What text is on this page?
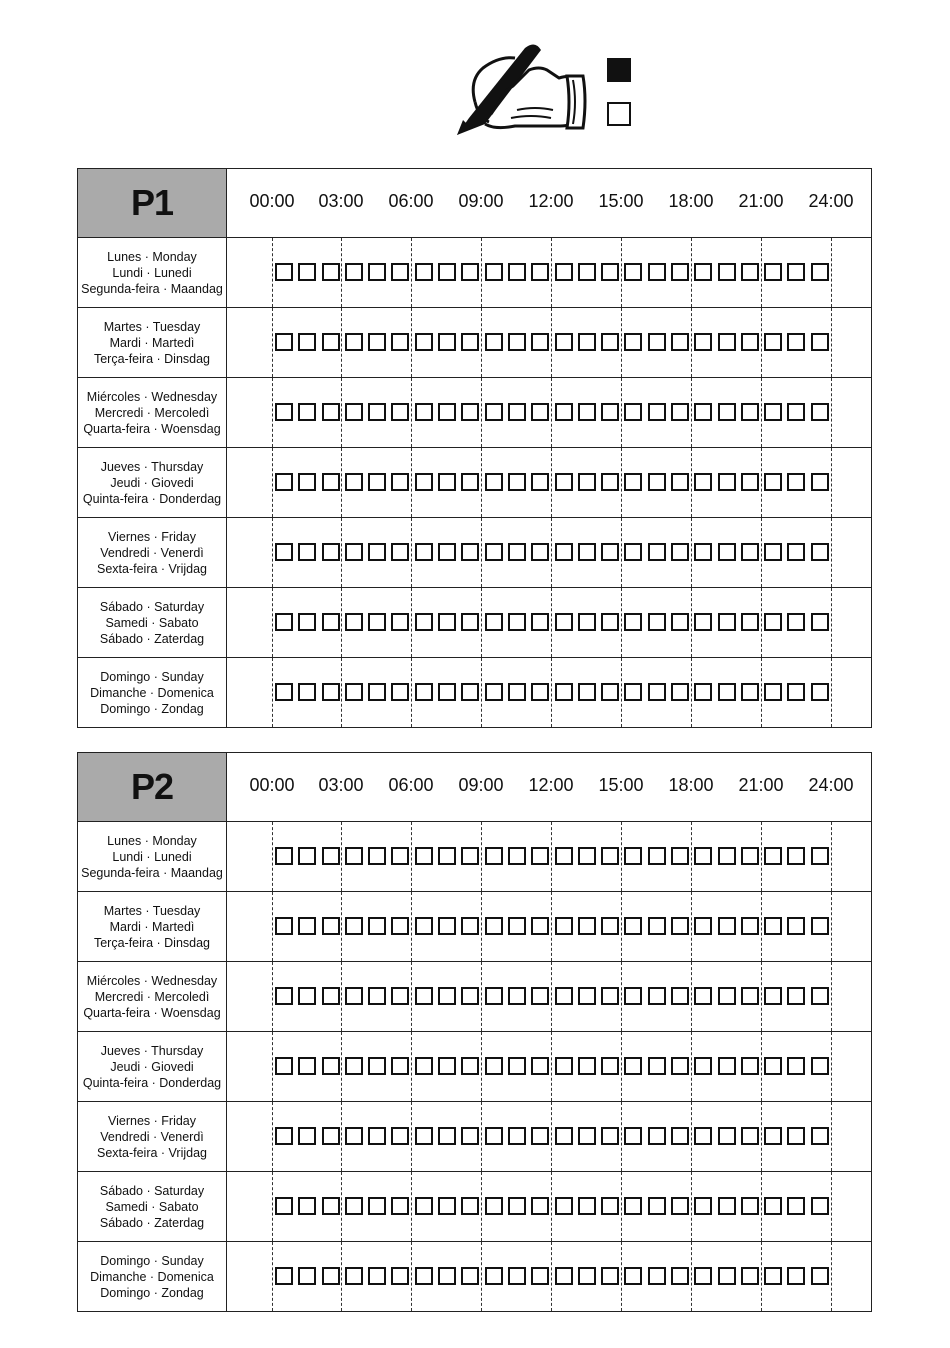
P1	00:00 03:00 06:00 09:00 12:00 15:00 18:00 21:00 24:00
Lunes · Monday
Lundi · Lunedi
Segunda-feira · Maandag
Martes · Tuesday
Mardi · Martedì
Terça-feira · Dinsdag
Miércoles · Wednesday
Mercredi · Mercoledì
Quarta-feira · Woensdag
Jueves · Thursday
Jeudi · Giovedi
Quinta-feira · Donderdag
Viernes · Friday
Vendredi · Venerdì
Sexta-feira · Vrijdag
Sábado · Saturday
Samedi · Sabato
Sábado · Zaterdag
Domingo · Sunday
Dimanche · Domenica
Domingo · Zondag
P2	00:00 03:00 06:00 09:00 12:00 15:00 18:00 21:00 24:00
Lunes · Monday
Lundi · Lunedi
Segunda-feira · Maandag
Martes · Tuesday
Mardi · Martedì
Terça-feira · Dinsdag
Miércoles · Wednesday
Mercredi · Mercoledì
Quarta-feira · Woensdag
Jueves · Thursday
Jeudi · Giovedi
Quinta-feira · Donderdag
Viernes · Friday
Vendredi · Venerdì
Sexta-feira · Vrijdag
Sábado · Saturday
Samedi · Sabato
Sábado · Zaterdag
Domingo · Sunday
Dimanche · Domenica
Domingo · Zondag
